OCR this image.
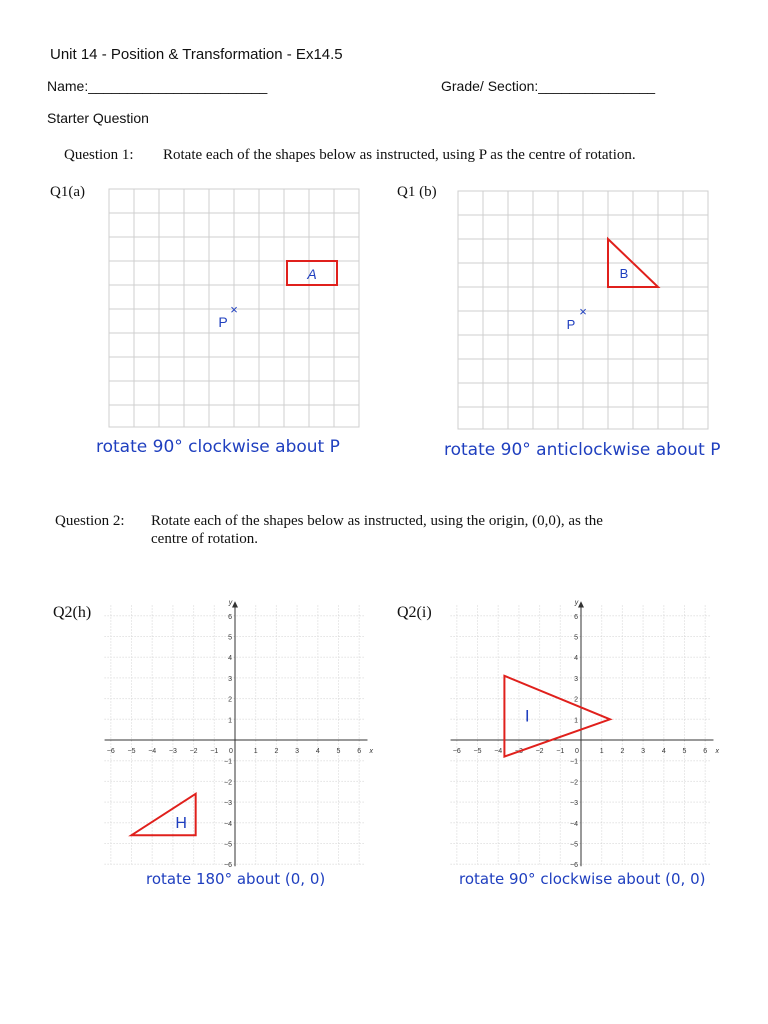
Unit 14 - Position & Transformation - Ex14.5
Name:_______________________	Grade/ Section:_______________
Starter Question
Question 1: Rotate each of the shapes below as instructed, using P as the centre of rotation.
Q1(a)	Q1 (b)
A
×
P
rotate 90° clockwise about P
B
×
P
rotate 90° anticlockwise about P
Question 2: Rotate each of the shapes below as instructed, using the origin, (0,0), as the
centre of rotation.
Q2(h)	Q2(i)
−6 −5 −4 −3 −2 −1 0	1 2 3 4 5 6
6
5
4
3
2
1
−1
−2
−3
−4
−5
−6
x
y
H
rotate 180° about (0, 0)
−6 −5 −4 −3 −2 −1 0	1 2 3 4 5 6
6
5
4
3
2
1
−1
−2
−3
−4
−5
−6
x
y
I
rotate 90° clockwise about (0, 0)
